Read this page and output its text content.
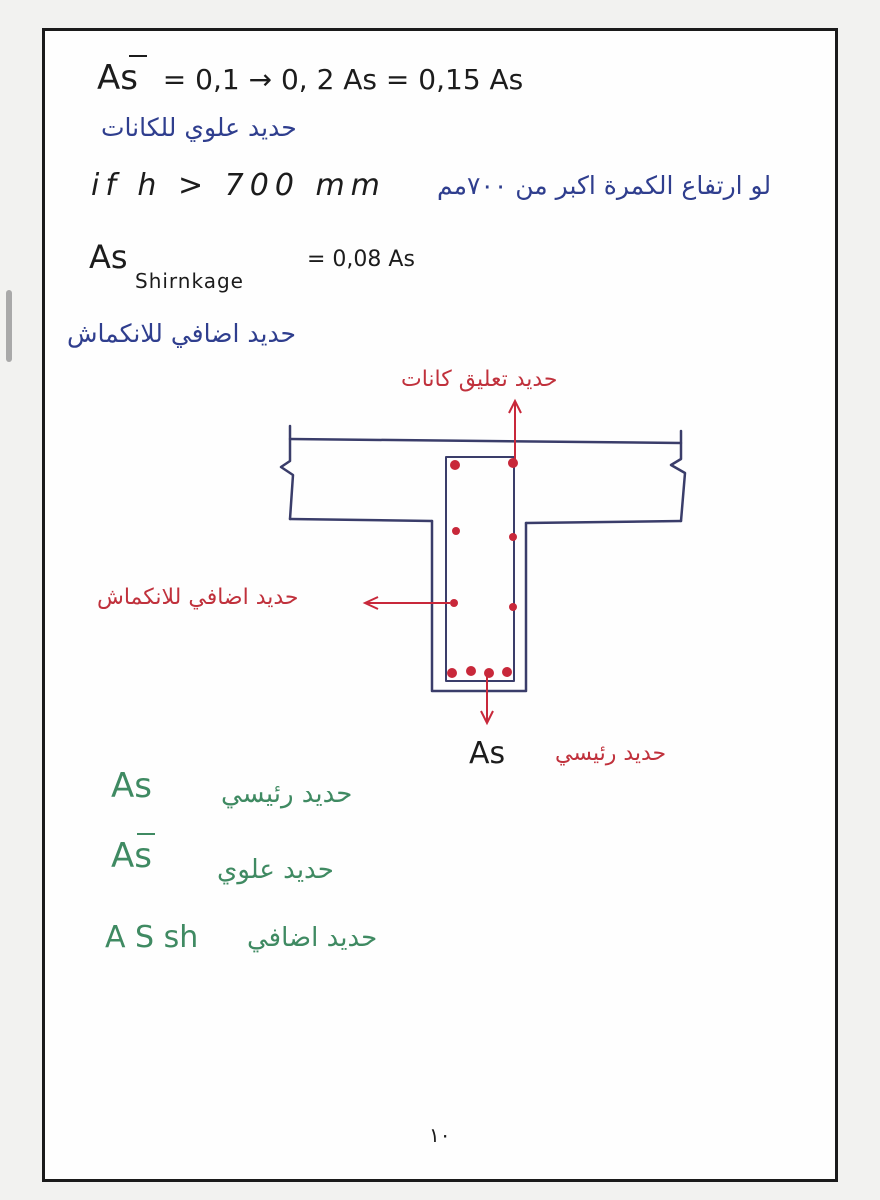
As = 0,1 → 0, 2 As = 0,15 As
حديد علوي للكانات
if h > 700 mm لو ارتفاع الكمرة اكبر من ٧٠٠مم
As
Shirnkage
= 0,08 As
حديد اضافي للانكماش
حديد تعليق كانات
حديد اضافي للانكماش
As حديد رئيسي
As	حديد رئيسي
As	حديد علوي
A S sh حديد اضافي
١٠
